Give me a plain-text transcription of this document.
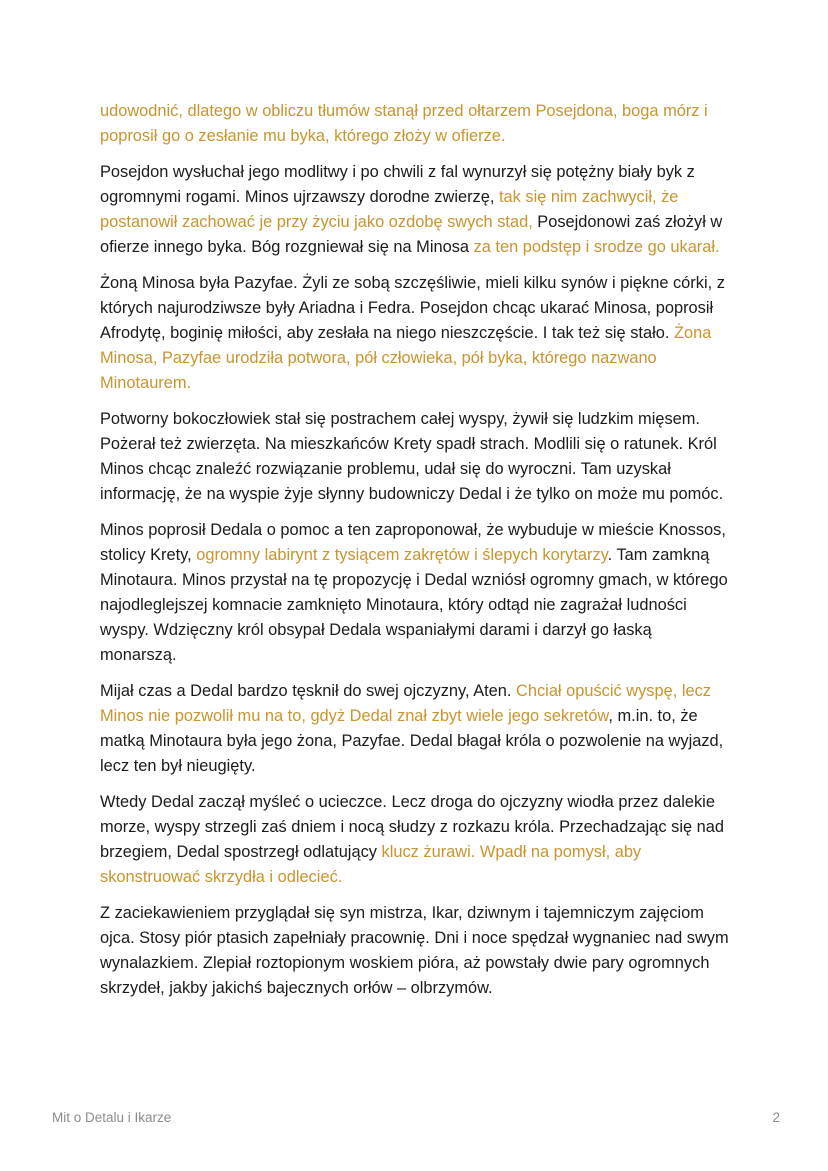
udowodnić, dlatego w obliczu tłumów stanął przed ołtarzem Posejdona, boga mórz i poprosił go o zesłanie mu byka, którego złoży w ofierze.

Posejdon wysłuchał jego modlitwy i po chwili z fal wynurzył się potężny biały byk z ogromnymi rogami. Minos ujrzawszy dorodne zwierzę, tak się nim zachwycił, że postanowił zachować je przy życiu jako ozdobę swych stad, Posejdonowi zaś złożył w ofierze innego byka. Bóg rozgniewał się na Minosa za ten podstęp i srodze go ukarał.

Żoną Minosa była Pazyfae. Żyli ze sobą szczęśliwie, mieli kilku synów i piękne córki, z których najurodziwsze były Ariadna i Fedra. Posejdon chcąc ukarać Minosa, poprosił Afrodytę, boginię miłości, aby zesłała na niego nieszczęście. I tak też się stało. Żona Minosa, Pazyfae urodziła potwora, pół człowieka, pół byka, którego nazwano Minotaurem.

Potworny bokoczłowiek stał się postrachem całej wyspy, żywił się ludzkim mięsem. Pożerał też zwierzęta. Na mieszkańców Krety spadł strach. Modlili się o ratunek. Król Minos chcąc znaleźć rozwiązanie problemu, udał się do wyroczni. Tam uzyskał informację, że na wyspie żyje słynny budowniczy Dedal i że tylko on może mu pomóc.

Minos poprosił Dedala o pomoc a ten zaproponował, że wybuduje w mieście Knossos, stolicy Krety, ogromny labirynt z tysiącem zakrętów i ślepych korytarzy. Tam zamkną Minotaura. Minos przystał na tę propozycję i Dedal wzniósł ogromny gmach, w którego najodleglejszej komnacie zamknięto Minotaura, który odtąd nie zagrażał ludności wyspy. Wdzięczny król obsypał Dedala wspaniałymi darami i darzył go łaską monarszą.

Mijał czas a Dedal bardzo tęsknił do swej ojczyzny, Aten. Chciał opuścić wyspę, lecz Minos nie pozwolił mu na to, gdyż Dedal znał zbyt wiele jego sekretów, m.in. to, że matką Minotaura była jego żona, Pazyfae. Dedal błagał króla o pozwolenie na wyjazd, lecz ten był nieugięty.

Wtedy Dedal zaczął myśleć o ucieczce. Lecz droga do ojczyzny wiodła przez dalekie morze, wyspy strzegli zaś dniem i nocą słudzy z rozkazu króla. Przechadzając się nad brzegiem, Dedal spostrzegł odlatujący klucz żurawi. Wpadł na pomysł, aby skonstruować skrzydła i odlecieć.

Z zaciekawieniem przyglądał się syn mistrza, Ikar, dziwnym i tajemniczym zajęciom ojca. Stosy piór ptasich zapełniały pracownię. Dni i noce spędzał wygnaniec nad swym wynalazkiem. Zlepiał roztopionym woskiem pióra, aż powstały dwie pary ogromnych skrzydeł, jakby jakichś bajecznych orłów – olbrzymów.

Mit o Detalu i Ikarze	2
